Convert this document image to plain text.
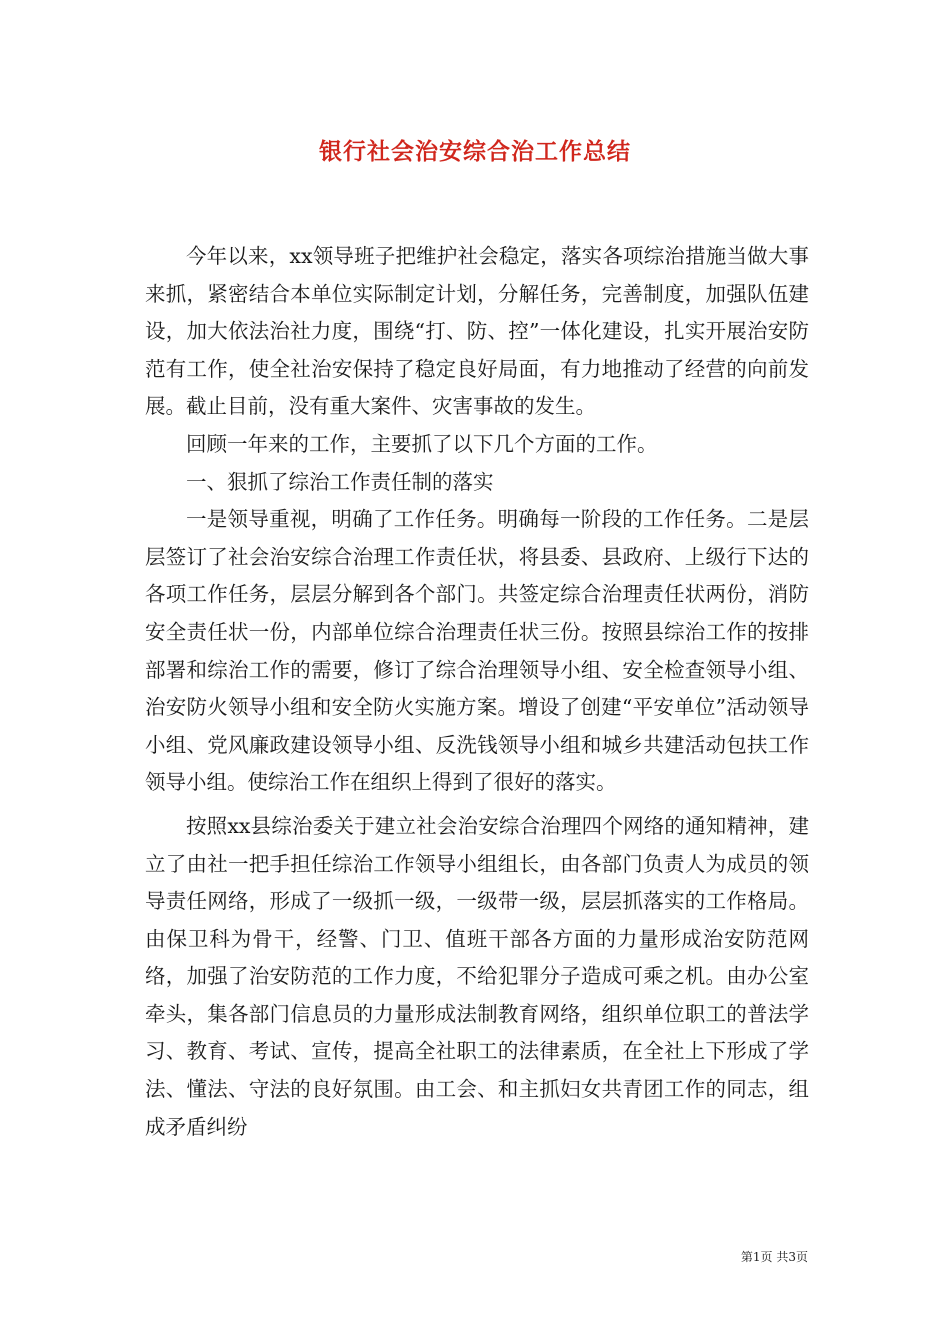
银行社会治安综合治工作总结

今年以来，xx领导班子把维护社会稳定，落实各项综治措施当做大事来抓，紧密结合本单位实际制定计划，分解任务，完善制度，加强队伍建设，加大依法治社力度，围绕“打、防、控”一体化建设，扎实开展治安防范有工作，使全社治安保持了稳定良好局面，有力地推动了经营的向前发展。截止目前，没有重大案件、灾害事故的发生。

回顾一年来的工作，主要抓了以下几个方面的工作。

一、狠抓了综治工作责任制的落实

一是领导重视，明确了工作任务。明确每一阶段的工作任务。二是层层签订了社会治安综合治理工作责任状，将县委、县政府、上级行下达的各项工作任务，层层分解到各个部门。共签定综合治理责任状两份，消防安全责任状一份，内部单位综合治理责任状三份。按照县综治工作的按排部署和综治工作的需要，修订了综合治理领导小组、安全检查领导小组、治安防火领导小组和安全防火实施方案。增设了创建“平安单位”活动领导小组、党风廉政建设领导小组、反洗钱领导小组和城乡共建活动包扶工作领导小组。使综治工作在组织上得到了很好的落实。

按照xx县综治委关于建立社会治安综合治理四个网络的通知精神，建立了由社一把手担任综治工作领导小组组长，由各部门负责人为成员的领导责任网络，形成了一级抓一级，一级带一级，层层抓落实的工作格局。由保卫科为骨干，经警、门卫、值班干部各方面的力量形成治安防范网络，加强了治安防范的工作力度，不给犯罪分子造成可乘之机。由办公室牵头，集各部门信息员的力量形成法制教育网络，组织单位职工的普法学习、教育、考试、宣传，提高全社职工的法律素质，在全社上下形成了学法、懂法、守法的良好氛围。由工会、和主抓妇女共青团工作的同志，组成矛盾纠纷

第1页 共3页
